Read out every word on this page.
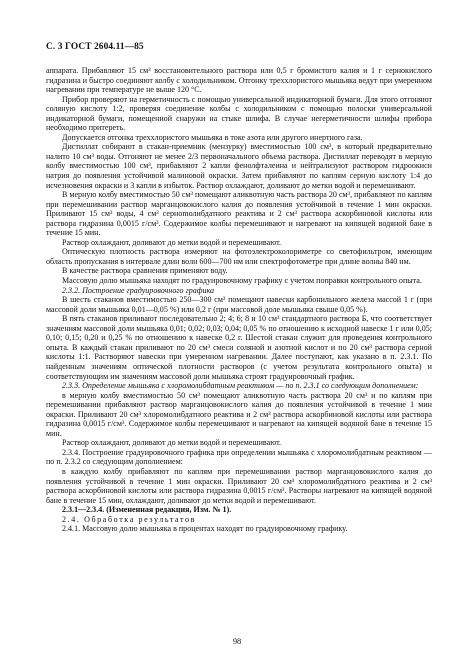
С. 3 ГОСТ 2604.11—85

аппарата. Прибавляют 15 см³ восстановительного раствора или 0,5 г бромистого калия и 1 г сернокислого гидразина и быстро соединяют колбу с холодильником. Отгонку треххлористого мышьяка ведут при умеренном нагревании при температуре не выше 120 °С.

Прибор проверяют на герметичность с помощью универсальной индикаторной бумаги. Для этого отгоняют соляную кислоту 1:2, проверяя соединение колбы с холодильником с помощью полоски универсальной индикаторной бумаги, помещенной снаружи на стыке шлифа. В случае негерметичности шлифы прибора необходимо притереть.

Допускается отгонка треххлористого мышьяка в токе азота или другого инертного газа.

Дистиллат собирают в стакан-приемник (мензурку) вместимостью 100 см³, в который предварительно налито 10 см³ воды. Отгоняют не менее 2/3 первоначального объема раствора. Дистиллат переводят в мерную колбу вместимостью 100 см³, прибавляют 2 капли фенолфталеина и нейтрализуют раствором гидроокиси натрия до появления устойчивой малиновой окраски. Затем прибавляют по каплям серную кислоту 1:4 до исчезновения окраски и 3 капли в избыток. Раствор охлаждают, доливают до метки водой и перемешивают.

В мерную колбу вместимостью 50 см³ помещают аликвотную часть раствора 20 см³, прибавляют по каплям при перемешивании раствор марганцовокислого калия до появления устойчивой в течение 1 мин окраски. Приливают 15 см³ воды, 4 см³ сернomолибдатного реактива и 2 см³ раствора аскорбиновой кислоты или раствора гидразина 0,0015 г/см³. Содержимое колбы перемешивают и нагревают на кипящей водяной бане в течение 15 мин.

Раствор охлаждают, доливают до метки водой и перемешивают.

Оптическую плотность раствора измеряют на фотоэлектроколориметре со светофильтром, имеющим область пропускания в интервале длин волн 600—700 нм или спектрофотометре при длине волны 840 нм.

В качестве раствора сравнения применяют воду.

Массовую долю мышьяка находят по градуировочному графику с учетом поправки контрольного опыта.

2.3.2. Построение градуировочного графика

В шесть стаканов вместимостью 250—300 см³ помещают навески карбонильного железа массой 1 г (при массовой доли мышьяка 0,01—0,05 %) или 0,2 г (при массовой доле мышьяка свыше 0,05 %).

В пять стаканов приливают последовательно 2; 4; 6; 8 и 10 см³ стандартного раствора Б, что соответствует значениям массовой доли мышьяка 0,01; 0,02; 0,03; 0,04; 0,05 % по отношению к исходной навеске 1 г или 0,05; 0,10; 0,15; 0,20 и 0,25 % по отношению к навеске 0,2 г. Шестой стакан служит для проведения контрольного опыта. В каждый стакан приливают по 20 см³ смеси соляной и азотной кислот и по 20 см³ раствора серной кислоты 1:1. Растворяют навески при умеренном нагревании. Далее поступают, как указано в п. 2.3.1. По найденным значениям оптической плотности растворов (с учетом результата контрольного опыта) и соответствующим им значениям массовой доли мышьяка строят градуировочный график.

2.3.3. Определение мышьяка с хлоромолибдатным реактивом — по п. 2.3.1 со следующим дополнением:

в мерную колбу вместимостью 50 см³ помещают аликвотную часть раствора 20 см³ и по каплям при перемешивании прибавляют раствор марганцовокислого калия до появления устойчивой в течение 1 мин окраски. Приливают 20 см³ хлоромолибдатного реактива и 2 см³ раствора аскорбиновой кислоты или раствора гидразина 0,0015 г/см³. Содержимое колбы перемешивают и нагревают на кипящей водяной бане в течение 15 мин.

Раствор охлаждают, доливают до метки водой и перемешивают.

2.3.4. Построение градуировочного графика при определении мышьяка с хлоромолибдатным реактивом — по п. 2.3.2 со следующим дополнением:

в каждую колбу прибавляют по каплям при перемешивании раствор марганцовокислого калия до появления устойчивой в течение 1 мин окраски. Приливают 20 см³ хлоромолибдатного реактива и 2 см³ раствора аскорбиновой кислоты или раствора гидразина 0,0015 г/см³. Растворы нагревают на кипящей водяной бане в течение 15 мин, охлаждают, доливают до метки водой и перемешивают.

2.3.1—2.3.4. (Измененная редакция, Изм. № 1).

2.4. Обработка результатов

2.4.1. Массовую долю мышьяка в процентах находят по градуировочному графику.

98
